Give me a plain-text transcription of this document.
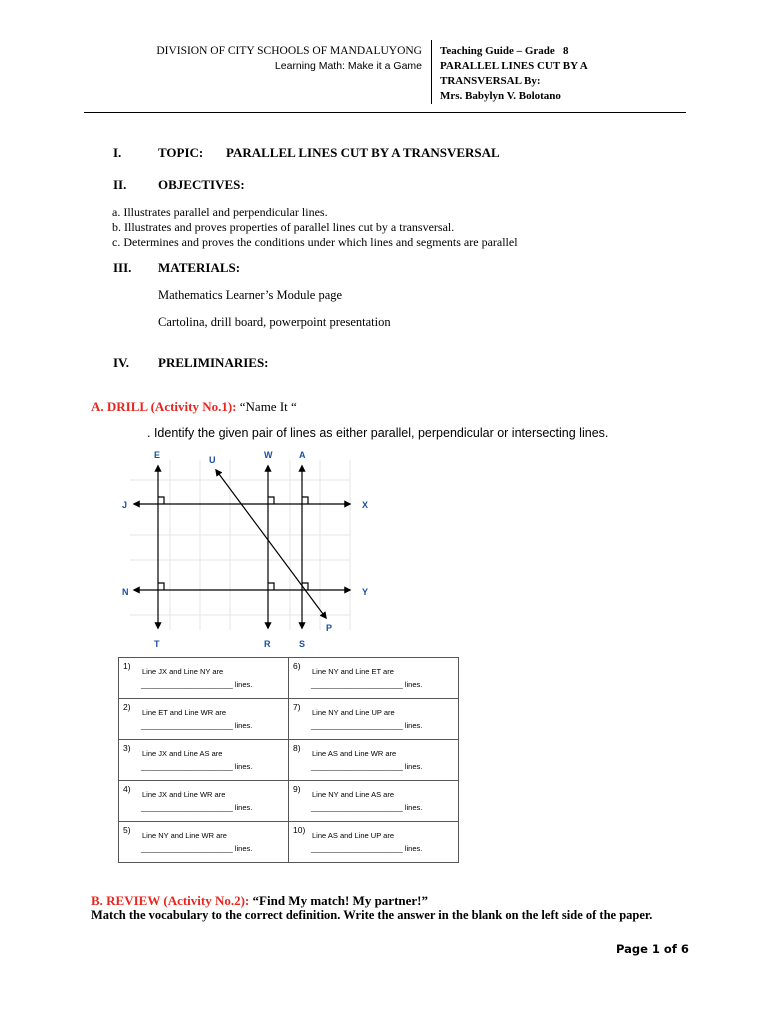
DIVISION OF CITY SCHOOLS OF MANDALUYONG
Learning Math: Make it a Game
Teaching Guide – Grade   8
PARALLEL LINES CUT BY A
TRANSVERSAL By:
Mrs. Babylyn V. Bolotano
I.	TOPIC: PARALLEL LINES CUT BY A TRANSVERSAL
II. OBJECTIVES:
a. Illustrates parallel and perpendicular lines.
b. Illustrates and proves properties of parallel lines cut by a transversal.
c. Determines and proves the conditions under which lines and segments are parallel
III. MATERIALS:
Mathematics Learner’s Module page
Cartolina, drill board, powerpoint presentation
IV. PRELIMINARIES:
A. DRILL (Activity No.1): “Name It “
. Identify the given pair of lines as either parallel, perpendicular or intersecting lines.
E	U	W	A
J	X
N	Y
T	R	S
P
1)
Line JX and Line NY are
______________________ lines.	6)
Line NY and Line ET are
______________________ lines.

2)
Line ET and Line WR are
______________________ lines.	7)
Line NY and Line UP are
______________________ lines.

3)
Line JX and Line AS are
______________________ lines.	8)
Line AS and Line WR are
______________________ lines.

4)
Line JX and Line WR are
______________________ lines.	9)
Line NY and Line AS are
______________________ lines.

5)
Line NY and Line WR are
______________________ lines.	10)
Line AS and Line UP are
______________________ lines.
B. REVIEW (Activity No.2): “Find My match! My partner!”
Match the vocabulary to the correct definition. Write the answer in the blank on the left side of the paper.
Page 1 of 6
